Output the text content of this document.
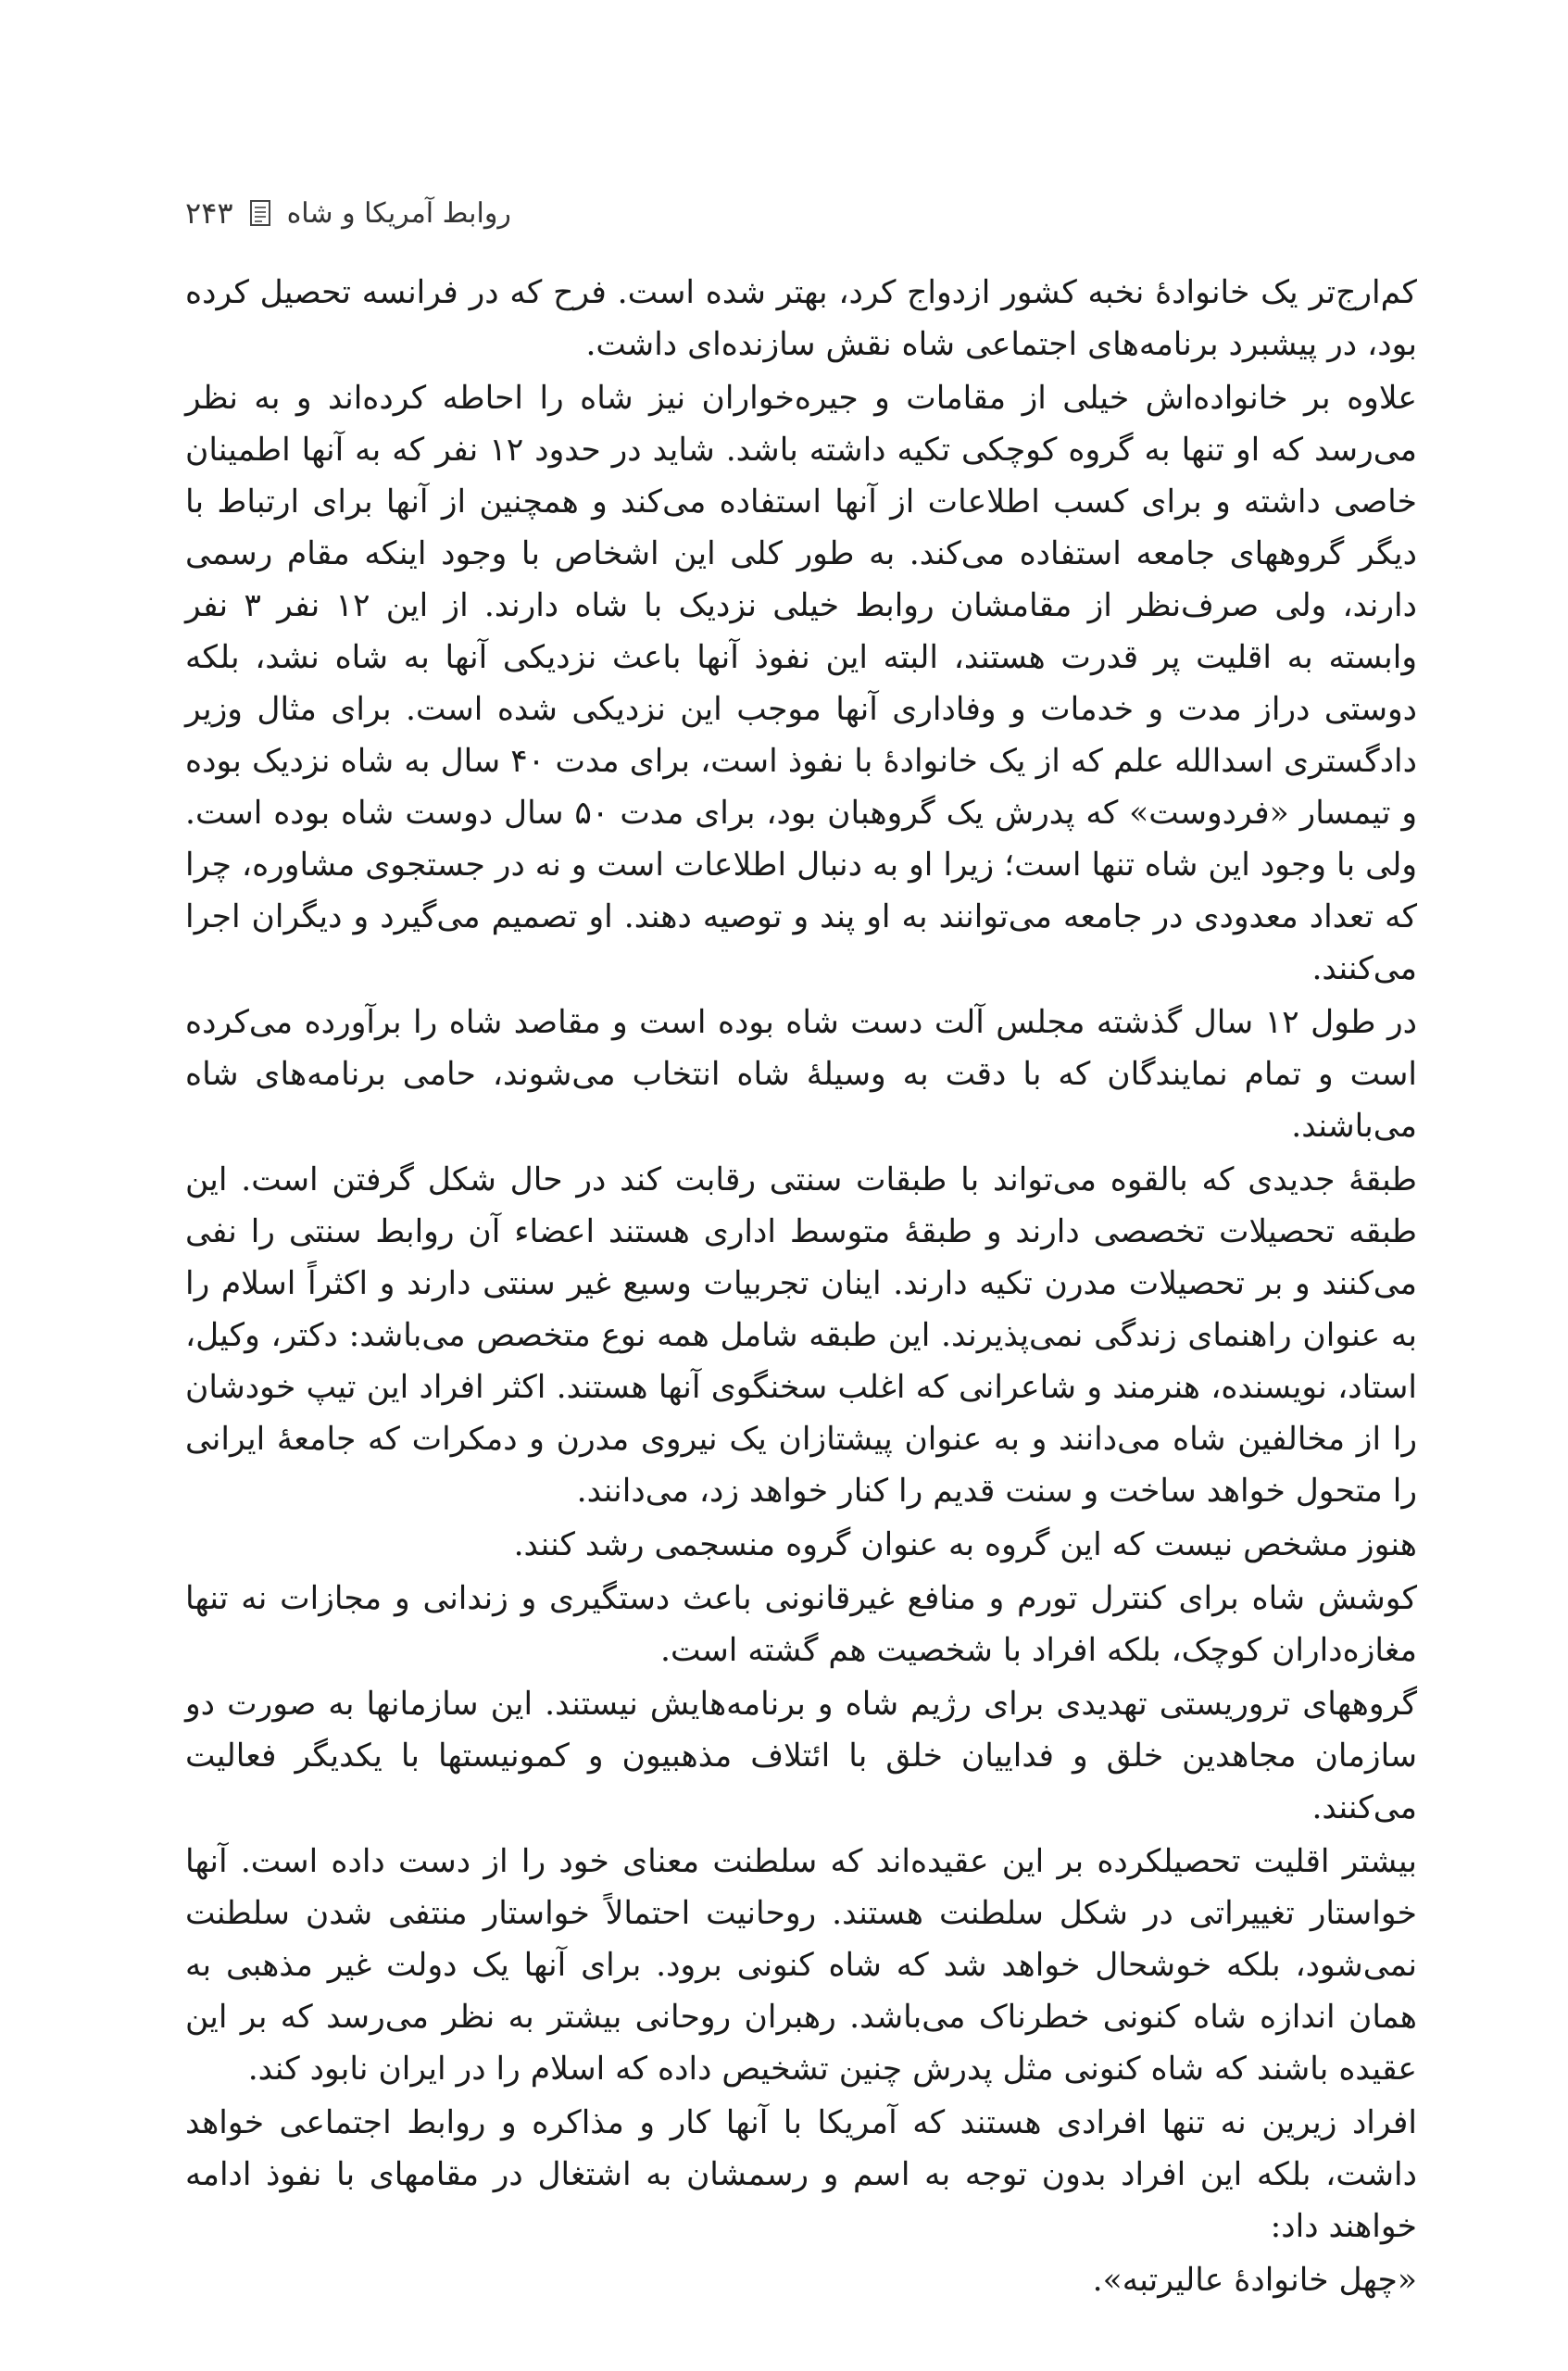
روابط آمریکا و شاه
۲۴۳

کم‌ارج‌تر یک خانوادهٔ نخبه کشور ازدواج کرد، بهتر شده است. فرح که در فرانسه تحصیل کرده بود، در پیشبرد برنامه‌های اجتماعی شاه نقش سازنده‌ای داشت.

علاوه بر خانواده‌اش خیلی از مقامات و جیره‌خواران نیز شاه را احاطه کرده‌اند و به نظر می‌رسد که او تنها به گروه کوچکی تکیه داشته باشد. شاید در حدود ۱۲ نفر که به آنها اطمینان خاصی داشته و برای کسب اطلاعات از آنها استفاده می‌کند و همچنین از آنها برای ارتباط با دیگر گروههای جامعه استفاده می‌کند. به طور کلی این اشخاص با وجود اینکه مقام رسمی دارند، ولی صرف‌نظر از مقامشان روابط خیلی نزدیک با شاه دارند. از این ۱۲ نفر ۳ نفر وابسته به اقلیت پر قدرت هستند، البته این نفوذ آنها باعث نزدیکی آنها به شاه نشد، بلکه دوستی دراز مدت و خدمات و وفاداری آنها موجب این نزدیکی شده است. برای مثال وزیر دادگستری اسدالله علم که از یک خانوادهٔ با نفوذ است، برای مدت ۴۰ سال به شاه نزدیک بوده و تیمسار «فردوست» که پدرش یک گروهبان بود، برای مدت ۵۰ سال دوست شاه بوده است. ولی با وجود این شاه تنها است؛ زیرا او به دنبال اطلاعات است و نه در جستجوی مشاوره، چرا که تعداد معدودی در جامعه می‌توانند به او پند و توصیه دهند. او تصمیم می‌گیرد و دیگران اجرا می‌کنند.

در طول ۱۲ سال گذشته مجلس آلت دست شاه بوده است و مقاصد شاه را برآورده می‌کرده است و تمام نمایندگان که با دقت به وسیلهٔ شاه انتخاب می‌شوند، حامی برنامه‌های شاه می‌باشند.

طبقهٔ جدیدی که بالقوه می‌تواند با طبقات سنتی رقابت کند در حال شکل گرفتن است. این طبقه تحصیلات تخصصی دارند و طبقهٔ متوسط اداری هستند اعضاء آن روابط سنتی را نفی می‌کنند و بر تحصیلات مدرن تکیه دارند. اینان تجربیات وسیع غیر سنتی دارند و اکثراً اسلام را به عنوان راهنمای زندگی نمی‌پذیرند. این طبقه شامل همه نوع متخصص می‌باشد: دکتر، وکیل، استاد، نویسنده، هنرمند و شاعرانی که اغلب سخنگوی آنها هستند. اکثر افراد این تیپ خودشان را از مخالفین شاه می‌دانند و به عنوان پیشتازان یک نیروی مدرن و دمکرات که جامعهٔ ایرانی را متحول خواهد ساخت و سنت قدیم را کنار خواهد زد، می‌دانند.

هنوز مشخص نیست که این گروه به عنوان گروه منسجمی رشد کنند.

کوشش شاه برای کنترل تورم و منافع غیرقانونی باعث دستگیری و زندانی و مجازات نه تنها مغازه‌داران کوچک، بلکه افراد با شخصیت هم گشته است.

گروههای تروریستی تهدیدی برای رژیم شاه و برنامه‌هایش نیستند. این سازمانها به صورت دو سازمان مجاهدین خلق و فداییان خلق با ائتلاف مذهبیون و کمونیستها با یکدیگر فعالیت می‌کنند.

بیشتر اقلیت تحصیلکرده بر این عقیده‌اند که سلطنت معنای خود را از دست داده است. آنها خواستار تغییراتی در شکل سلطنت هستند. روحانیت احتمالاً خواستار منتفی شدن سلطنت نمی‌شود، بلکه خوشحال خواهد شد که شاه کنونی برود. برای آنها یک دولت غیر مذهبی به همان اندازه شاه کنونی خطرناک می‌باشد. رهبران روحانی بیشتر به نظر می‌رسد که بر این عقیده باشند که شاه کنونی مثل پدرش چنین تشخیص داده که اسلام را در ایران نابود کند.

افراد زیرین نه تنها افرادی هستند که آمریکا با آنها کار و مذاکره و روابط اجتماعی خواهد داشت، بلکه این افراد بدون توجه به اسم و رسمشان به اشتغال در مقامهای با نفوذ ادامه خواهند داد:

«چهل خانوادهٔ عالیرتبه».
